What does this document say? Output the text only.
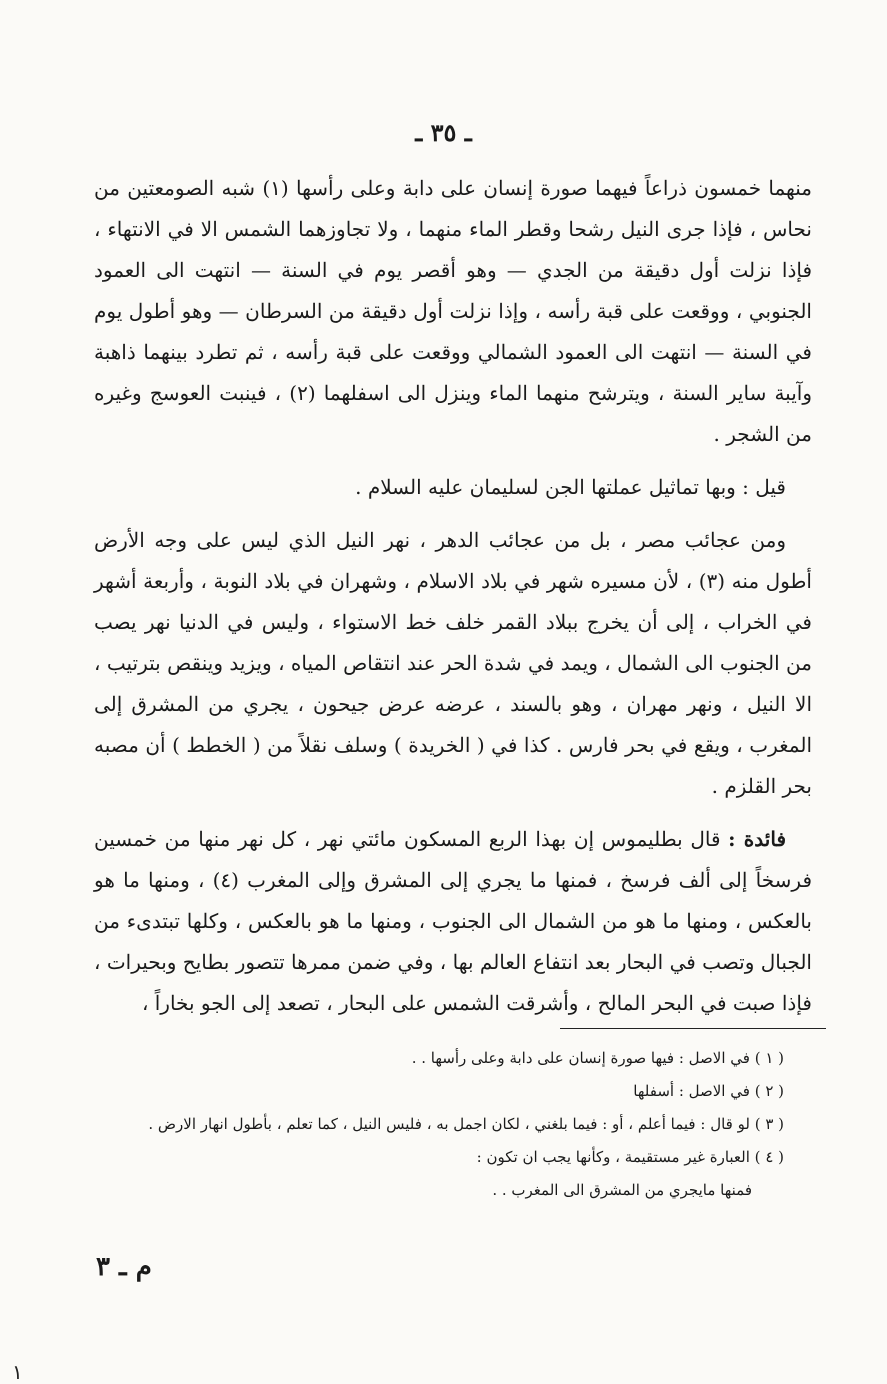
ـ ٣٥ ـ

منهما خمسون ذراعاً فيهما صورة إنسان على دابة وعلى رأسها (١) شبه الصومعتين من نحاس ، فإذا جرى النيل رشحا وقطر الماء منهما ، ولا تجاوزهما الشمس الا في الانتهاء ، فإذا نزلت أول دقيقة من الجدي — وهو أقصر يوم في السنة — انتهت الى العمود الجنوبي ، ووقعت على قبة رأسه ، وإذا نزلت أول دقيقة من السرطان — وهو أطول يوم في السنة — انتهت الى العمود الشمالي ووقعت على قبة رأسه ، ثم تطرد بينهما ذاهبة وآيبة ساير السنة ، ويترشح منهما الماء وينزل الى اسفلهما (٢) ، فينبت العوسج وغيره من الشجر .

قيل : وبها تماثيل عملتها الجن لسليمان عليه السلام .

ومن عجائب مصر ، بل من عجائب الدهر ، نهر النيل الذي ليس على وجه الأرض أطول منه (٣) ، لأن مسيره شهر في بلاد الاسلام ، وشهران في بلاد النوبة ، وأربعة أشهر في الخراب ، إلى أن يخرج ببلاد القمر خلف خط الاستواء ، وليس في الدنيا نهر يصب من الجنوب الى الشمال ، ويمد في شدة الحر عند انتقاص المياه ، ويزيد وينقص بترتيب ، الا النيل ، ونهر مهران ، وهو بالسند ، عرضه عرض جيحون ، يجري من المشرق إلى المغرب ، ويقع في بحر فارس . كذا في ( الخريدة ) وسلف نقلاً من ( الخطط ) أن مصبه بحر القلزم .

فائدة : قال بطليموس إن بهذا الربع المسكون مائتي نهر ، كل نهر منها من خمسين فرسخاً إلى ألف فرسخ ، فمنها ما يجري إلى المشرق وإلى المغرب (٤) ، ومنها ما هو بالعكس ، ومنها ما هو من الشمال الى الجنوب ، ومنها ما هو بالعكس ، وكلها تبتدىء من الجبال وتصب في البحار بعد انتفاع العالم بها ، وفي ضمن ممرها تتصور بطايح وبحيرات ، فإذا صبت في البحر المالح ، وأشرقت الشمس على البحار ، تصعد إلى الجو بخاراً ،

( ١ ) في الاصل : فيها صورة إنسان على دابة وعلى رأسها . .

( ٢ ) في الاصل : أسفلها

( ٣ ) لو قال : فيما أعلم ، أو : فيما بلغني ، لكان اجمل به ، فليس النيل ، كما تعلم ، بأطول انهار الارض .

( ٤ ) العبارة غير مستقيمة ، وكأنها يجب ان تكون :

فمنها مايجري من المشرق الى المغرب . .

م ـ ٣
١
